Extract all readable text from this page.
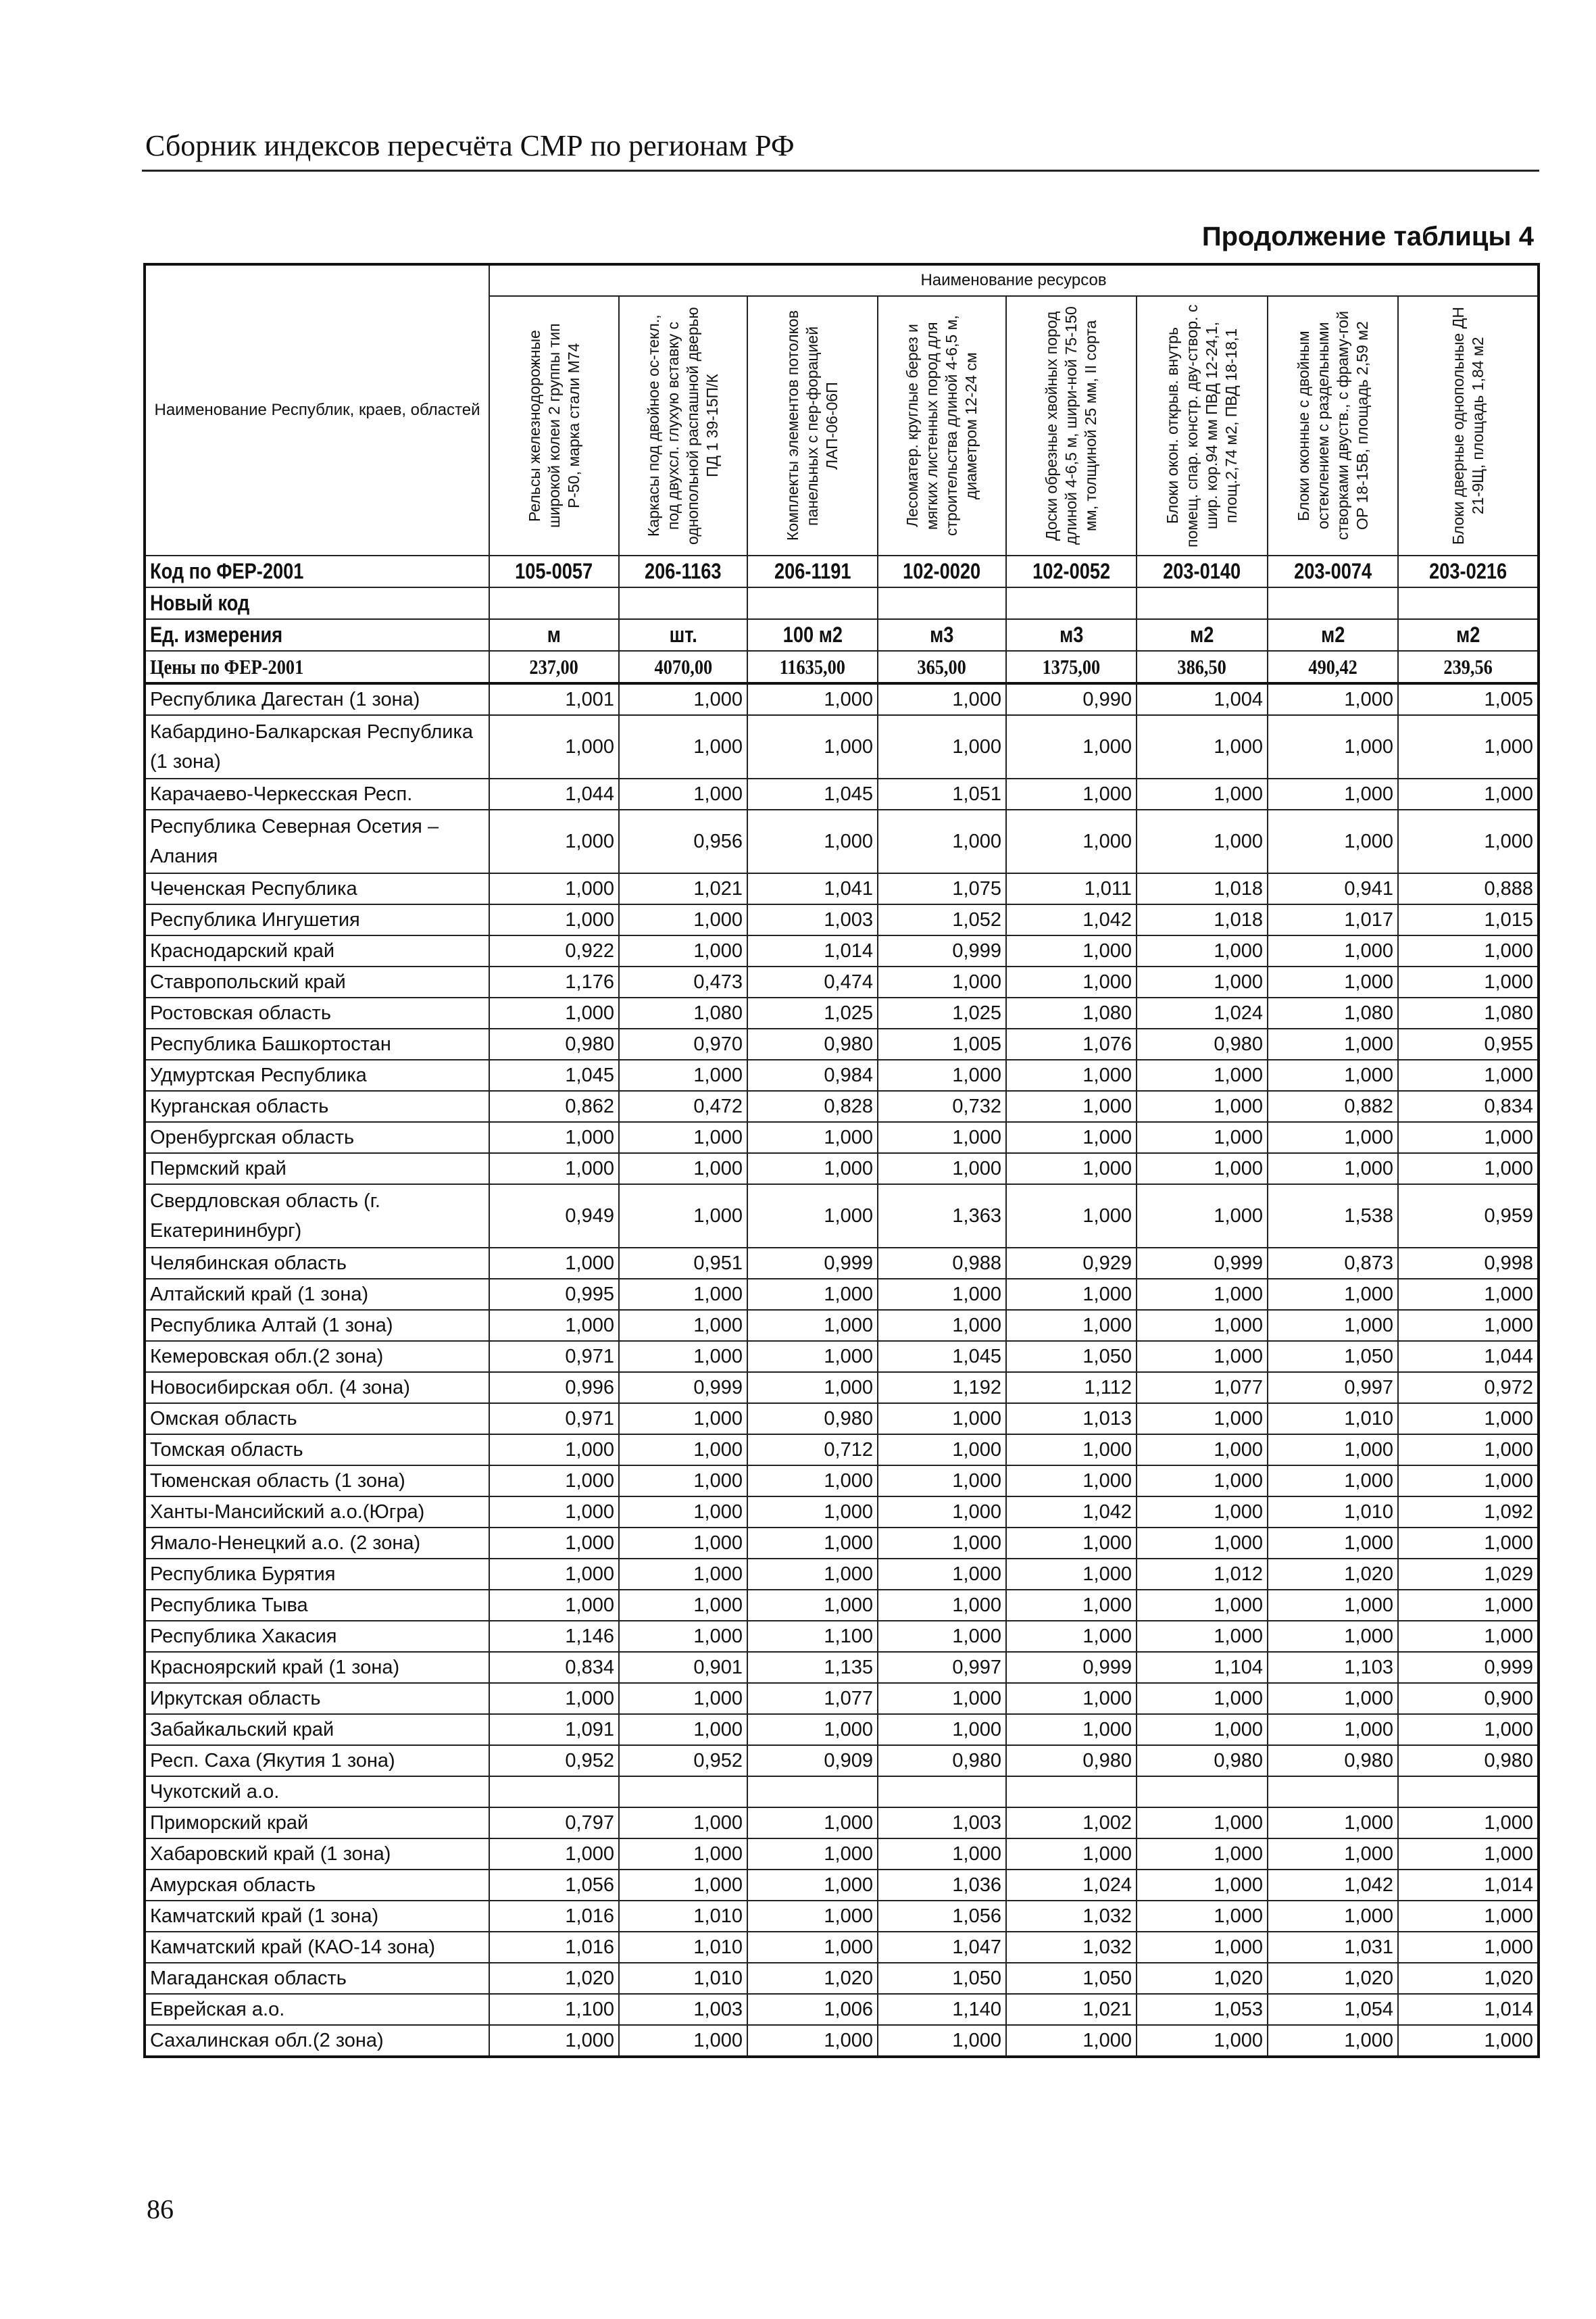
Сборник индексов пересчёта СМР по регионам РФ
Продолжение таблицы 4
Наименование Республик, краев, областей	Наименование ресурсов							

	Рельсы железнодорожные широкой колеи 2 группы тип Р-50, марка стали М74	Каркасы под двойное ос-текл., под двухсл. глухую вставку с однопольной распашной дверью ПД 1 39-15П/К	Комплекты элементов потолков панельных с пер-форацией ЛАП-06-06П	Лесоматер. круглые берез и мягких листенных пород для строительства длиной 4-6,5 м, диаметром 12-24 см	Доски обрезные хвойных пород длиной 4-6,5 м, шири-ной 75-150 мм, толщиной 25 мм, II сорта	Блоки окон. открыв. внутрь помещ. спар. констр. дву-створ. с шир. кор.94 мм ПВД 12-24,1, площ.2,74 м2, ПВД 18-18,1	Блоки оконные с двойным остеклением с раздельными створками двуств., с фраму-гой ОР 18-15В, площадь 2,59 м2	Блоки дверные однопольные ДН 21-9Щ, площадь 1,84 м2

Код по ФЕР-2001	105-0057	206-1163	206-1191	102-0020	102-0052	203-0140	203-0074	203-0216
Новый код								
Ед. измерения	м	шт.	100 м2	м3	м3	м2	м2	м2
Цены по ФЕР-2001	237,00	4070,00	11635,00	365,00	1375,00	386,50	490,42	239,56
Республика Дагестан (1 зона)	1,001	1,000	1,000	1,000	0,990	1,004	1,000	1,005
Кабардино-Балкарская Республика (1 зона)	1,000	1,000	1,000	1,000	1,000	1,000	1,000	1,000
Карачаево-Черкесская Респ.	1,044	1,000	1,045	1,051	1,000	1,000	1,000	1,000
Республика Северная Осетия – Алания	1,000	0,956	1,000	1,000	1,000	1,000	1,000	1,000
Чеченская Республика	1,000	1,021	1,041	1,075	1,011	1,018	0,941	0,888
Республика Ингушетия	1,000	1,000	1,003	1,052	1,042	1,018	1,017	1,015
Краснодарский край	0,922	1,000	1,014	0,999	1,000	1,000	1,000	1,000
Ставропольский край	1,176	0,473	0,474	1,000	1,000	1,000	1,000	1,000
Ростовская область	1,000	1,080	1,025	1,025	1,080	1,024	1,080	1,080
Республика Башкортостан	0,980	0,970	0,980	1,005	1,076	0,980	1,000	0,955
Удмуртская Республика	1,045	1,000	0,984	1,000	1,000	1,000	1,000	1,000
Курганская область	0,862	0,472	0,828	0,732	1,000	1,000	0,882	0,834
Оренбургская область	1,000	1,000	1,000	1,000	1,000	1,000	1,000	1,000
Пермский край	1,000	1,000	1,000	1,000	1,000	1,000	1,000	1,000
Свердловская область (г. Екатерининбург)	0,949	1,000	1,000	1,363	1,000	1,000	1,538	0,959
Челябинская область	1,000	0,951	0,999	0,988	0,929	0,999	0,873	0,998
Алтайский край (1 зона)	0,995	1,000	1,000	1,000	1,000	1,000	1,000	1,000
Республика Алтай (1 зона)	1,000	1,000	1,000	1,000	1,000	1,000	1,000	1,000
Кемеровская обл.(2 зона)	0,971	1,000	1,000	1,045	1,050	1,000	1,050	1,044
Новосибирская обл. (4 зона)	0,996	0,999	1,000	1,192	1,112	1,077	0,997	0,972
Омская область	0,971	1,000	0,980	1,000	1,013	1,000	1,010	1,000
Томская область	1,000	1,000	0,712	1,000	1,000	1,000	1,000	1,000
Тюменская область (1 зона)	1,000	1,000	1,000	1,000	1,000	1,000	1,000	1,000
Ханты-Мансийский а.о.(Югра)	1,000	1,000	1,000	1,000	1,042	1,000	1,010	1,092
Ямало-Ненецкий а.о. (2 зона)	1,000	1,000	1,000	1,000	1,000	1,000	1,000	1,000
Республика Бурятия	1,000	1,000	1,000	1,000	1,000	1,012	1,020	1,029
Республика Тыва	1,000	1,000	1,000	1,000	1,000	1,000	1,000	1,000
Республика Хакасия	1,146	1,000	1,100	1,000	1,000	1,000	1,000	1,000
Красноярский край (1 зона)	0,834	0,901	1,135	0,997	0,999	1,104	1,103	0,999
Иркутская область	1,000	1,000	1,077	1,000	1,000	1,000	1,000	0,900
Забайкальский край	1,091	1,000	1,000	1,000	1,000	1,000	1,000	1,000
Респ. Саха (Якутия 1 зона)	0,952	0,952	0,909	0,980	0,980	0,980	0,980	0,980
Чукотский а.о.								
Приморский край	0,797	1,000	1,000	1,003	1,002	1,000	1,000	1,000
Хабаровский край (1 зона)	1,000	1,000	1,000	1,000	1,000	1,000	1,000	1,000
Амурская область	1,056	1,000	1,000	1,036	1,024	1,000	1,042	1,014
Камчатский край (1 зона)	1,016	1,010	1,000	1,056	1,032	1,000	1,000	1,000
Камчатский край (КАО-14 зона)	1,016	1,010	1,000	1,047	1,032	1,000	1,031	1,000
Магаданская область	1,020	1,010	1,020	1,050	1,050	1,020	1,020	1,020
Еврейская а.о.	1,100	1,003	1,006	1,140	1,021	1,053	1,054	1,014
Сахалинская обл.(2 зона)	1,000	1,000	1,000	1,000	1,000	1,000	1,000	1,000
86
